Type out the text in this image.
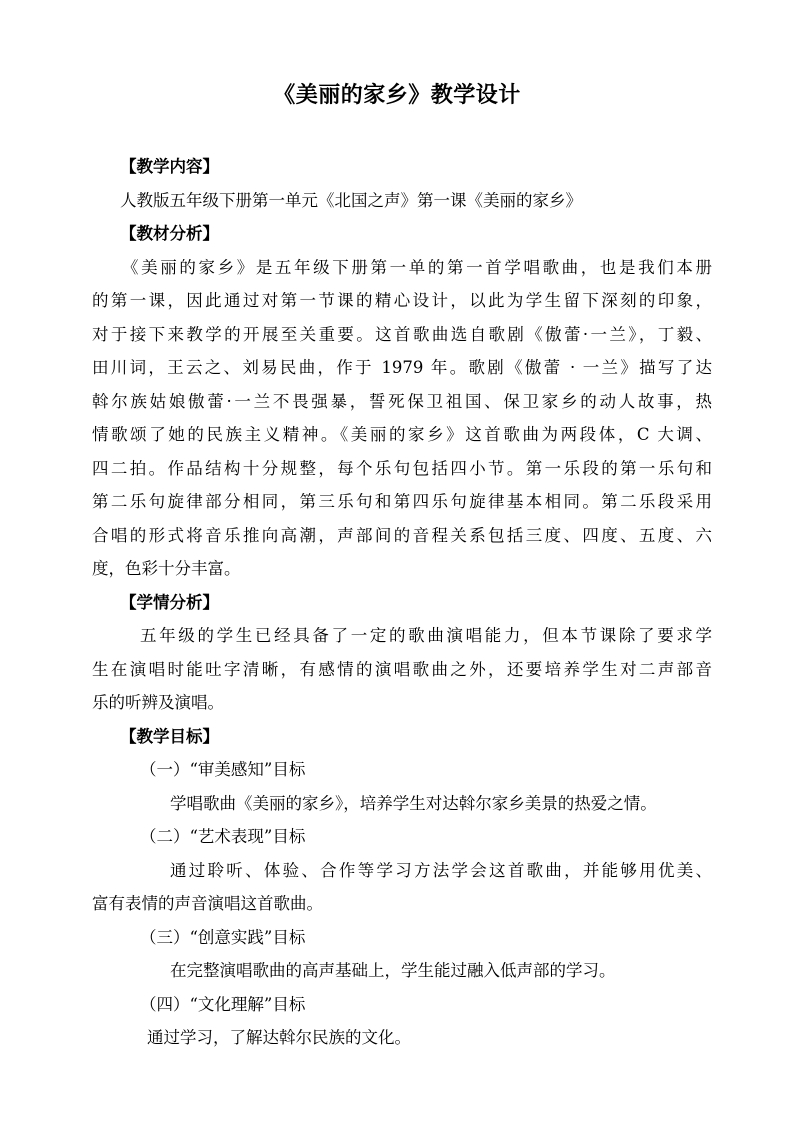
《美丽的家乡》教学设计
【教学内容】
人教版五年级下册第一单元《北国之声》第一课《美丽的家乡》
【教材分析】
《美丽的家乡》是五年级下册第一单的第一首学唱歌曲，也是我们本册
的第一课，因此通过对第一节课的精心设计，以此为学生留下深刻的印象，
对于接下来教学的开展至关重要。这首歌曲选自歌剧《傲蕾·一兰》，丁毅、
田川词，王云之、刘易民曲，作于 1979 年。歌剧《傲蕾 · 一兰》描写了达
斡尔族姑娘傲蕾·一兰不畏强暴，誓死保卫祖国、保卫家乡的动人故事，热
情歌颂了她的民族主义精神。《美丽的家乡》这首歌曲为两段体，C 大调、
四二拍。作品结构十分规整，每个乐句包括四小节。第一乐段的第一乐句和
第二乐句旋律部分相同，第三乐句和第四乐句旋律基本相同。第二乐段采用
合唱的形式将音乐推向高潮，声部间的音程关系包括三度、四度、五度、六
度，色彩十分丰富。
【学情分析】
五年级的学生已经具备了一定的歌曲演唱能力，但本节课除了要求学
生在演唱时能吐字清晰，有感情的演唱歌曲之外，还要培养学生对二声部音
乐的听辨及演唱。
【教学目标】
（一）“审美感知”目标
学唱歌曲《美丽的家乡》，培养学生对达斡尔家乡美景的热爱之情。
（二）“艺术表现”目标
通过聆听、体验、合作等学习方法学会这首歌曲，并能够用优美、
富有表情的声音演唱这首歌曲。
（三）“创意实践”目标
在完整演唱歌曲的高声基础上，学生能过融入低声部的学习。
（四）“文化理解”目标
通过学习，了解达斡尔民族的文化。
